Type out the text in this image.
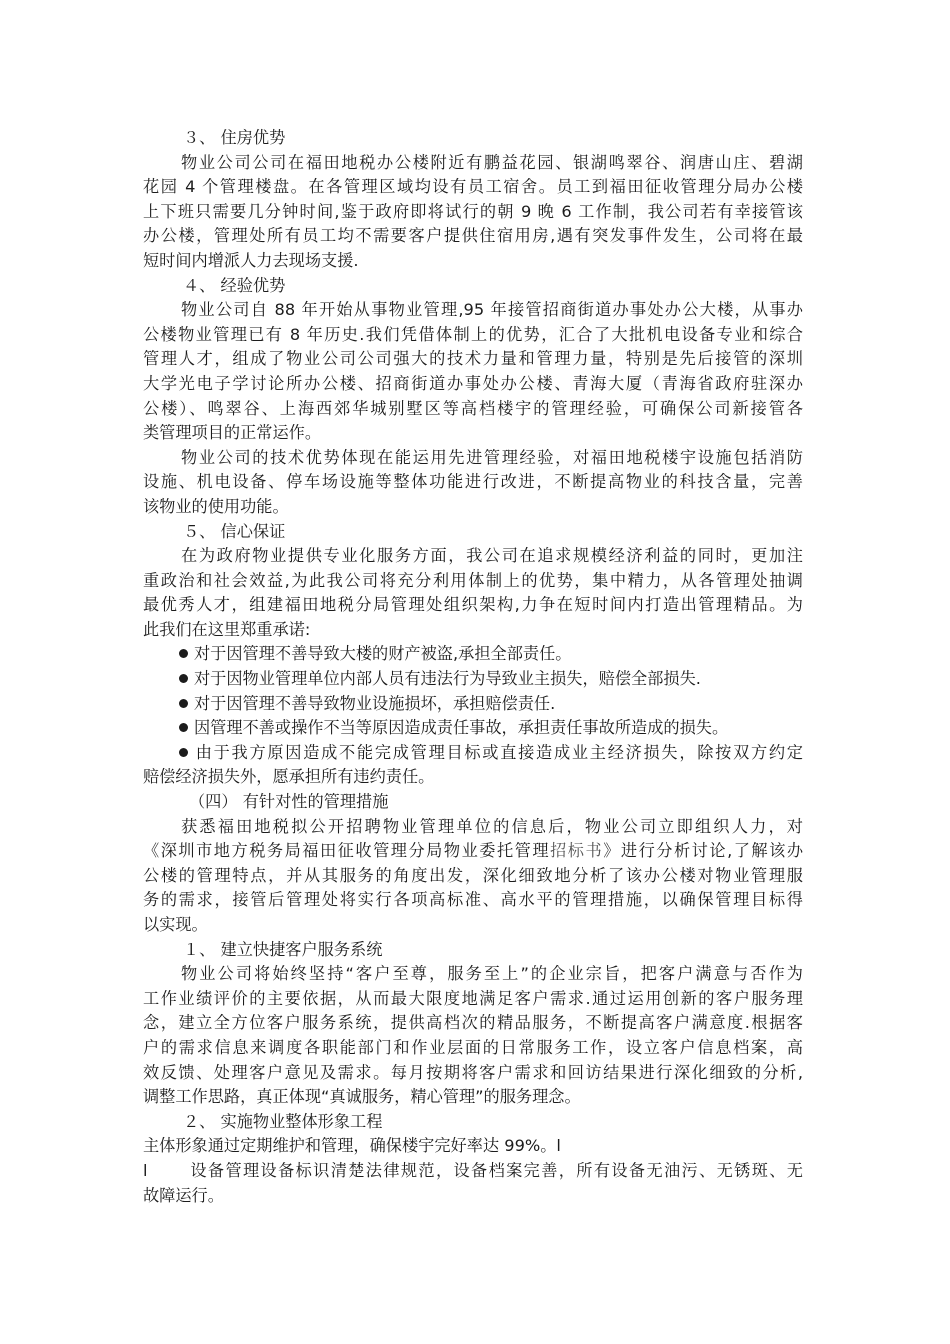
３、 住房优势
物业公司公司在福田地税办公楼附近有鹏益花园、银湖鸣翠谷、润唐山庄、碧湖
花园 4 个管理楼盘。在各管理区域均设有员工宿舍。员工到福田征收管理分局办公楼
上下班只需要几分钟时间,鉴于政府即将试行的朝 9 晚 6 工作制，我公司若有幸接管该
办公楼，管理处所有员工均不需要客户提供住宿用房,遇有突发事件发生，公司将在最
短时间内增派人力去现场支援.
４、 经验优势
物业公司自 88 年开始从事物业管理,95 年接管招商街道办事处办公大楼，从事办
公楼物业管理已有 8 年历史.我们凭借体制上的优势，汇合了大批机电设备专业和综合
管理人才，组成了物业公司公司强大的技术力量和管理力量，特别是先后接管的深圳
大学光电子学讨论所办公楼、招商街道办事处办公楼、青海大厦（青海省政府驻深办
公楼）、鸣翠谷、上海西郊华城别墅区等高档楼宇的管理经验，可确保公司新接管各
类管理项目的正常运作。
物业公司的技术优势体现在能运用先进管理经验，对福田地税楼宇设施包括消防
设施、机电设备、停车场设施等整体功能进行改进，不断提高物业的科技含量，完善
该物业的使用功能。
５、 信心保证
在为政府物业提供专业化服务方面，我公司在追求规模经济利益的同时，更加注
重政治和社会效益,为此我公司将充分利用体制上的优势，集中精力，从各管理处抽调
最优秀人才，组建福田地税分局管理处组织架构,力争在短时间内打造出管理精品。为
此我们在这里郑重承诺:
对于因管理不善导致大楼的财产被盗,承担全部责任。
对于因物业管理单位内部人员有违法行为导致业主损失，赔偿全部损失.
对于因管理不善导致物业设施损坏，承担赔偿责任.
因管理不善或操作不当等原因造成责任事故，承担责任事故所造成的损失。
由于我方原因造成不能完成管理目标或直接造成业主经济损失，除按双方约定
赔偿经济损失外，愿承担所有违约责任。
（四） 有针对性的管理措施
获悉福田地税拟公开招聘物业管理单位的信息后，物业公司立即组织人力，对
《深圳市地方税务局福田征收管理分局物业委托管理招标书》进行分析讨论,了解该办
公楼的管理特点，并从其服务的角度出发，深化细致地分析了该办公楼对物业管理服
务的需求，接管后管理处将实行各项高标准、高水平的管理措施，以确保管理目标得
以实现。
１、 建立快捷客户服务系统
物业公司将始终坚持“客户至尊，服务至上”的企业宗旨，把客户满意与否作为
工作业绩评价的主要依据，从而最大限度地满足客户需求.通过运用创新的客户服务理
念，建立全方位客户服务系统，提供高档次的精品服务，不断提高客户满意度.根据客
户的需求信息来调度各职能部门和作业层面的日常服务工作，设立客户信息档案，高
效反馈、处理客户意见及需求。每月按期将客户需求和回访结果进行深化细致的分析,
调整工作思路，真正体现“真诚服务，精心管理”的服务理念。
２、 实施物业整体形象工程
主体形象通过定期维护和管理，确保楼宇完好率达 99%。l
l	设备管理设备标识清楚法律规范，设备档案完善，所有设备无油污、无锈斑、无
故障运行。
